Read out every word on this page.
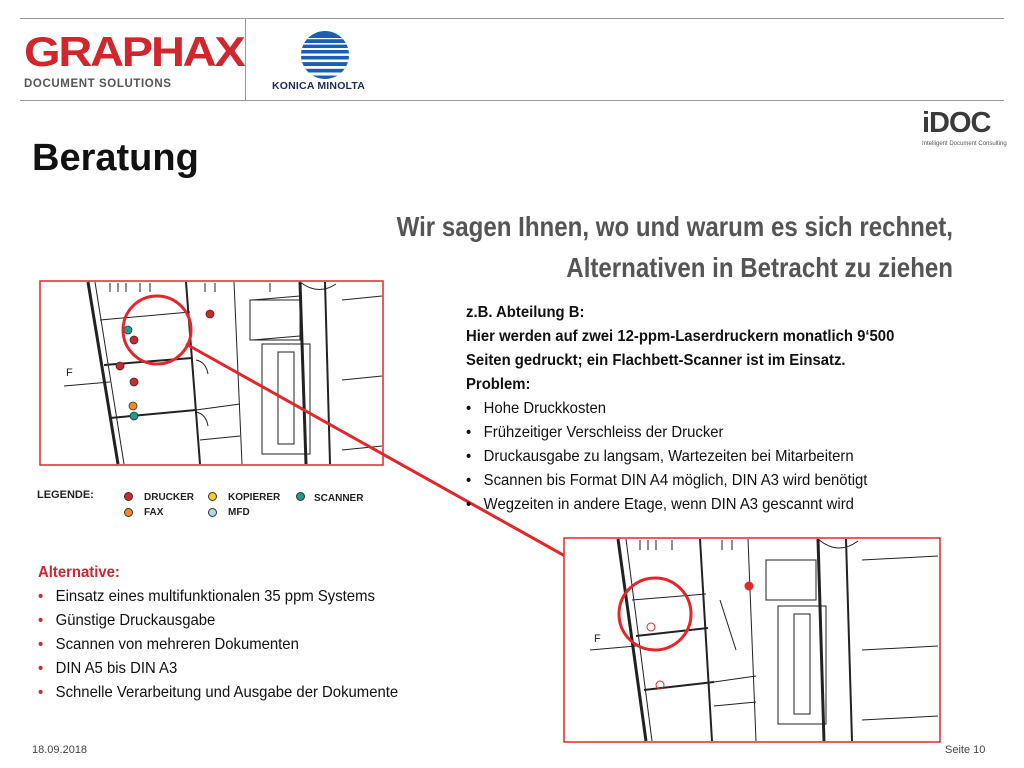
GRAPHAX
DOCUMENT SOLUTIONS	KONICA MINOLTA
iDOC
Intelligent Document Consulting
Beratung
Wir sagen Ihnen, wo und warum es sich rechnet,
Alternativen in Betracht zu ziehen
F
F
LEGENDE:	DRUCKER
FAX
KOPIERER
MFD
SCANNER
z.B. Abteilung B:
Hier werden auf zwei 12-ppm-Laserdruckern monatlich 9‘500
Seiten gedruckt; ein Flachbett-Scanner ist im Einsatz.
Problem:
• Hohe Druckkosten
• Frühzeitiger Verschleiss der Drucker
• Druckausgabe zu langsam, Wartezeiten bei Mitarbeitern
• Scannen bis Format DIN A4 möglich, DIN A3 wird benötigt
• Wegzeiten in andere Etage, wenn DIN A3 gescannt wird
Alternative:
• Einsatz eines multifunktionalen 35 ppm Systems
• Günstige Druckausgabe
• Scannen von mehreren Dokumenten
• DIN A5 bis DIN A3
• Schnelle Verarbeitung und Ausgabe der Dokumente
18.09.2018	Seite 10
